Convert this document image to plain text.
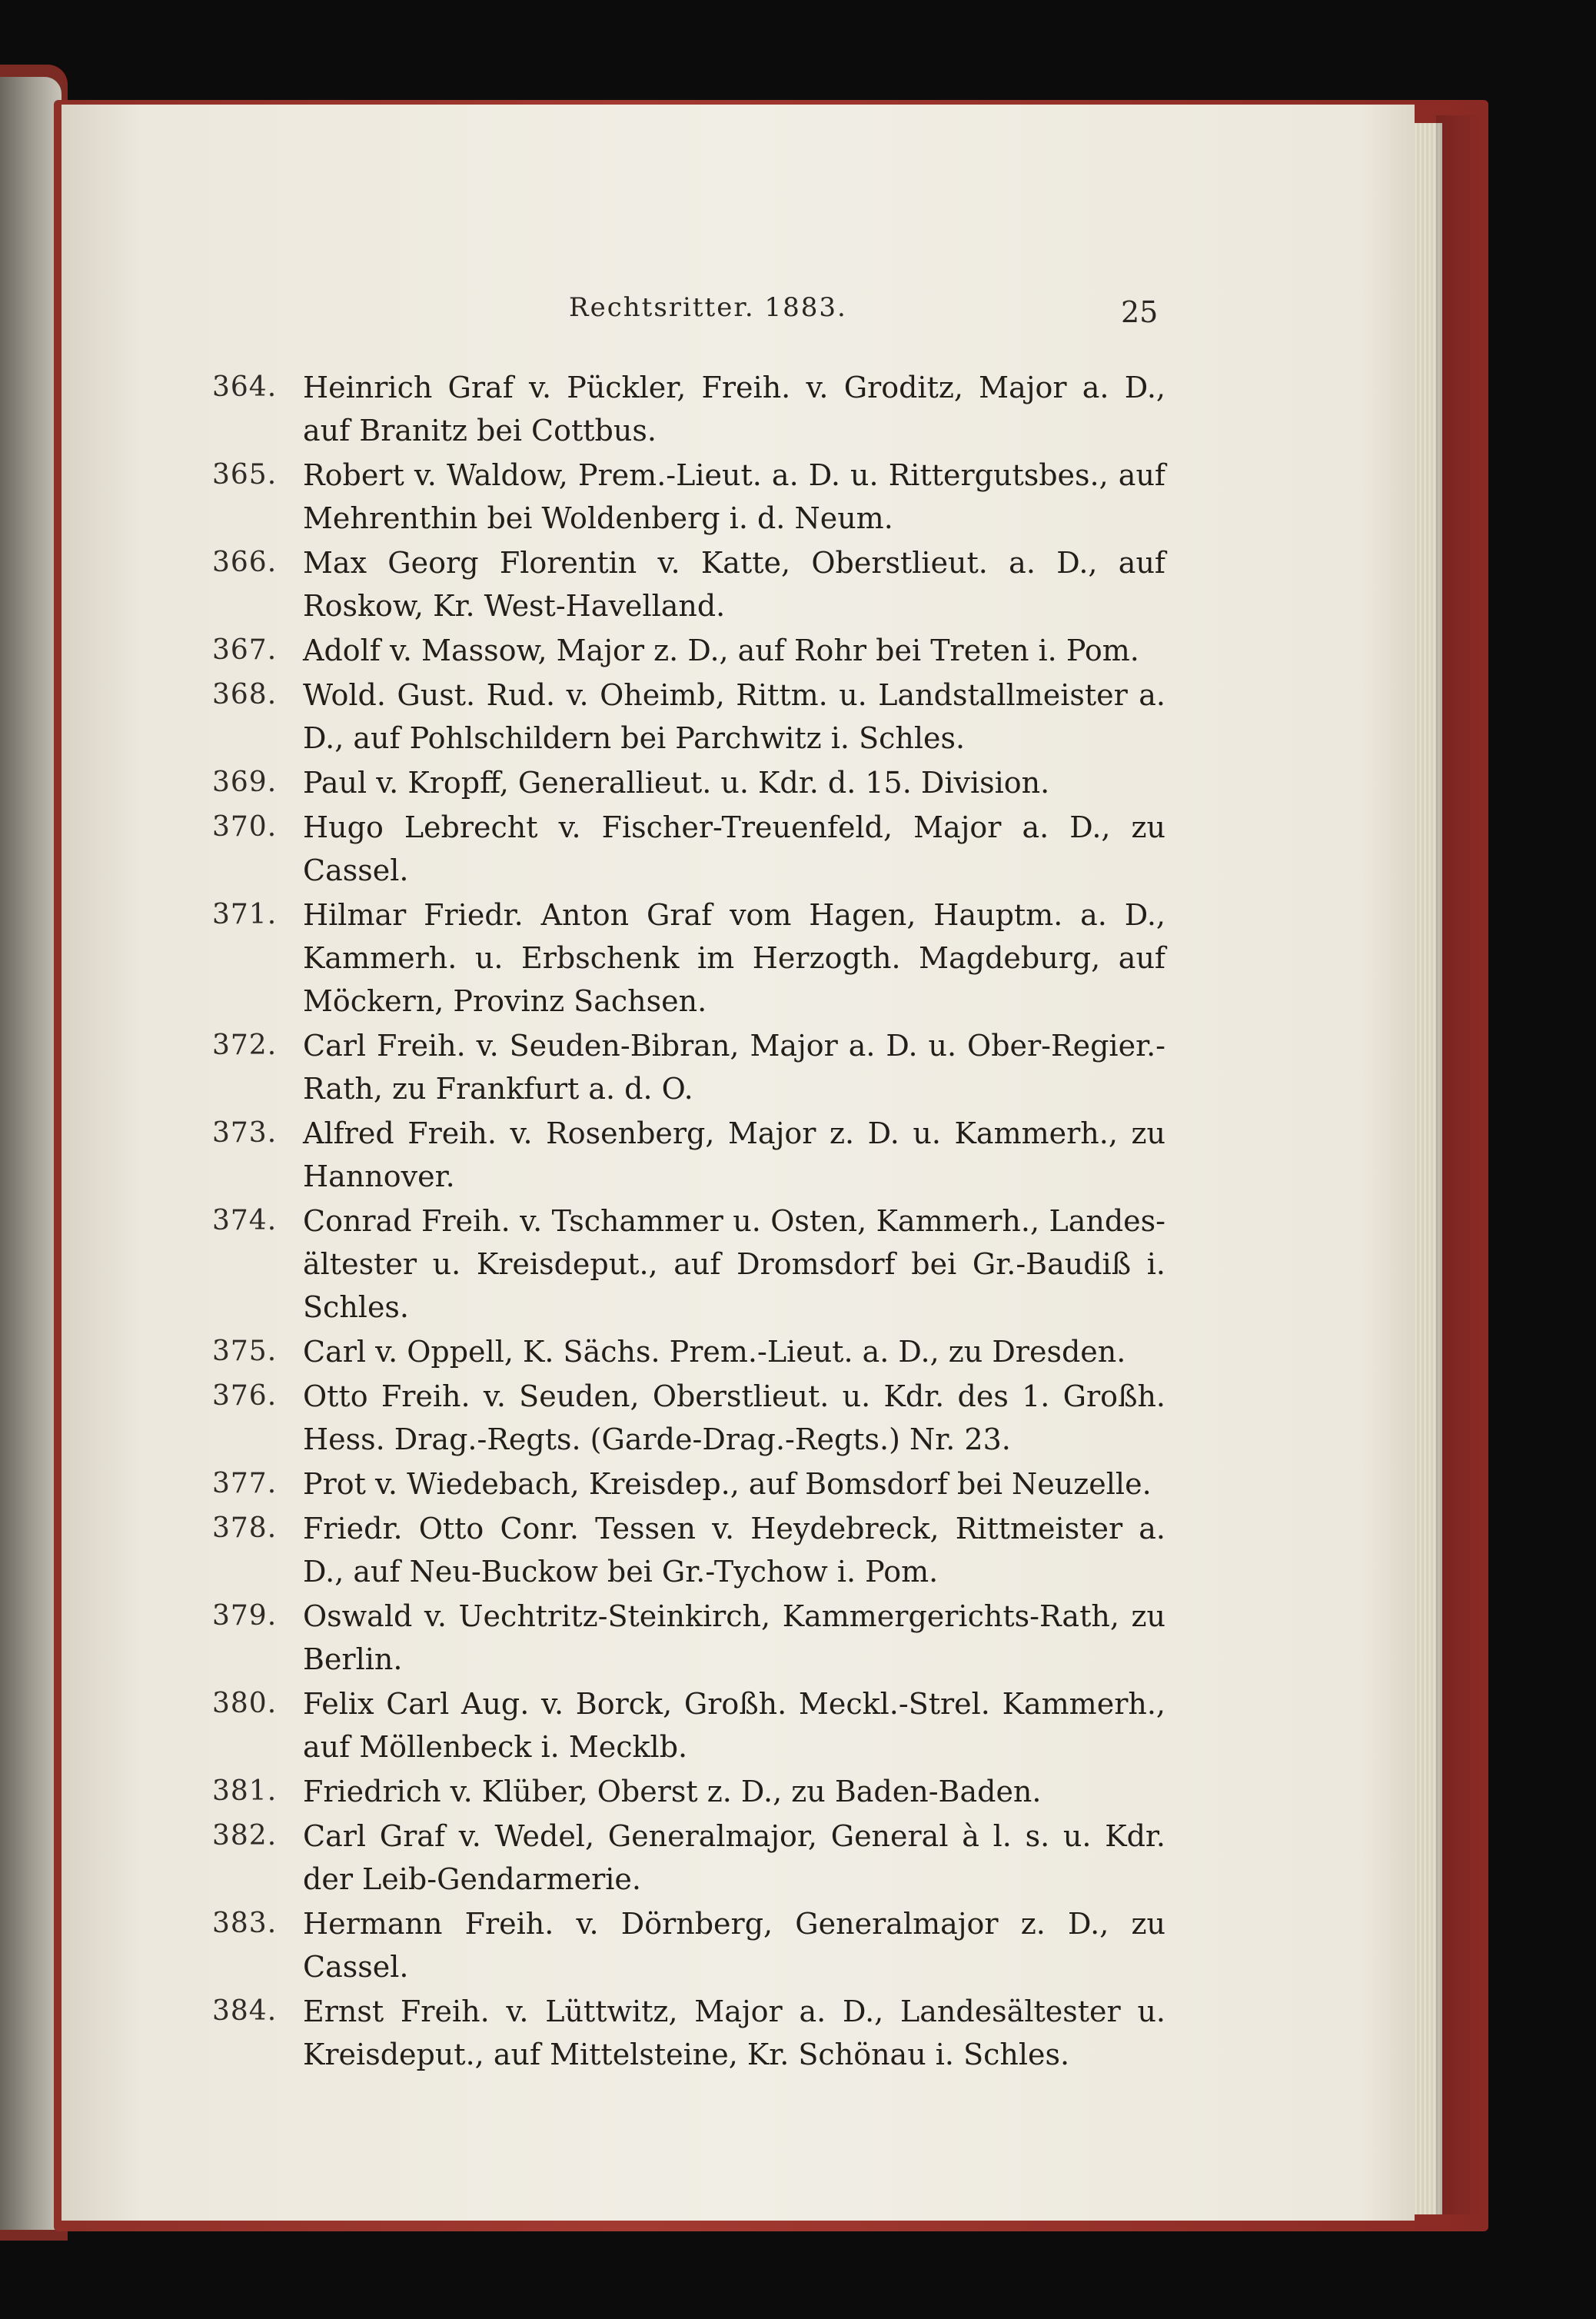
Rechtsritter. 1883.	25
364. Heinrich Graf v. Pückler, Freih. v. Groditz, Major a. D., auf Branitz bei Cottbus.
365. Robert v. Waldow, Prem.-Lieut. a. D. u. Rittergutsbes., auf Mehrenthin bei Woldenberg i. d. Neum.
366. Max Georg Florentin v. Katte, Oberstlieut. a. D., auf Roskow, Kr. West-Havelland.
367. Adolf v. Massow, Major z. D., auf Rohr bei Treten i. Pom.
368. Wold. Gust. Rud. v. Oheimb, Rittm. u. Landstallmeister a. D., auf Pohlschildern bei Parchwitz i. Schles.
369. Paul v. Kropff, Generallieut. u. Kdr. d. 15. Division.
370. Hugo Lebrecht v. Fischer-Treuenfeld, Major a. D., zu Cassel.
371. Hilmar Friedr. Anton Graf vom Hagen, Hauptm. a. D., Kammerh. u. Erbschenk im Herzogth. Magdeburg, auf Möckern, Provinz Sachsen.
372. Carl Freih. v. Seuden-Bibran, Major a. D. u. Ober-Regier.-Rath, zu Frankfurt a. d. O.
373. Alfred Freih. v. Rosenberg, Major z. D. u. Kammerh., zu Hannover.
374. Conrad Freih. v. Tschammer u. Osten, Kammerh., Landes-ältester u. Kreisdeput., auf Dromsdorf bei Gr.-Baudiß i. Schles.
375. Carl v. Oppell, K. Sächs. Prem.-Lieut. a. D., zu Dresden.
376. Otto Freih. v. Seuden, Oberstlieut. u. Kdr. des 1. Großh. Hess. Drag.-Regts. (Garde-Drag.-Regts.) Nr. 23.
377. Prot v. Wiedebach, Kreisdep., auf Bomsdorf bei Neuzelle.
378. Friedr. Otto Conr. Tessen v. Heydebreck, Rittmeister a. D., auf Neu-Buckow bei Gr.-Tychow i. Pom.
379. Oswald v. Uechtritz-Steinkirch, Kammergerichts-Rath, zu Berlin.
380. Felix Carl Aug. v. Borck, Großh. Meckl.-Strel. Kammerh., auf Möllenbeck i. Mecklb.
381. Friedrich v. Klüber, Oberst z. D., zu Baden-Baden.
382. Carl Graf v. Wedel, Generalmajor, General à l. s. u. Kdr. der Leib-Gendarmerie.
383. Hermann Freih. v. Dörnberg, Generalmajor z. D., zu Cassel.
384. Ernst Freih. v. Lüttwitz, Major a. D., Landesältester u. Kreisdeput., auf Mittelsteine, Kr. Schönau i. Schles.
